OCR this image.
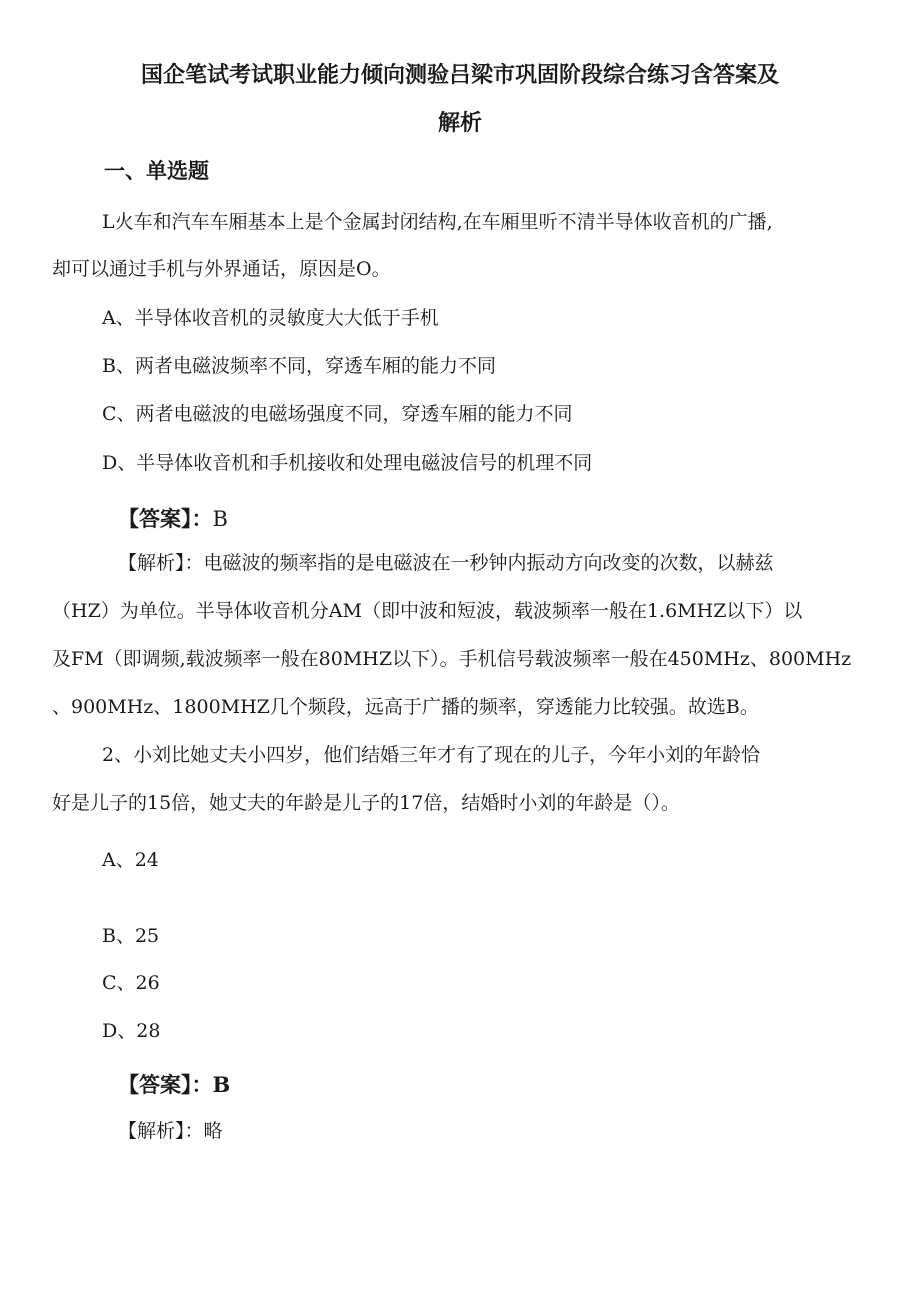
国企笔试考试职业能力倾向测验吕梁市巩固阶段综合练习含答案及
解析
一、单选题
L火车和汽车车厢基本上是个金属封闭结构,在车厢里听不清半导体收音机的广播,
却可以通过手机与外界通话，原因是O。
A、半导体收音机的灵敏度大大低于手机
B、两者电磁波频率不同，穿透车厢的能力不同
C、两者电磁波的电磁场强度不同，穿透车厢的能力不同
D、半导体收音机和手机接收和处理电磁波信号的机理不同
【答案】：B
【解析】：电磁波的频率指的是电磁波在一秒钟内振动方向改变的次数，以赫兹
（HZ）为单位。半导体收音机分AM（即中波和短波，载波频率一般在1.6MHZ以下）以
及FM（即调频,载波频率一般在80MHZ以下）。手机信号载波频率一般在450MHz、800MHz
、900MHz、1800MHZ几个频段，远高于广播的频率，穿透能力比较强。故选B。
2、小刘比她丈夫小四岁，他们结婚三年才有了现在的儿子，今年小刘的年龄恰
好是儿子的15倍，她丈夫的年龄是儿子的17倍，结婚时小刘的年龄是（）。
A、24
B、25
C、26
D、28
【答案】：B
【解析】：略
